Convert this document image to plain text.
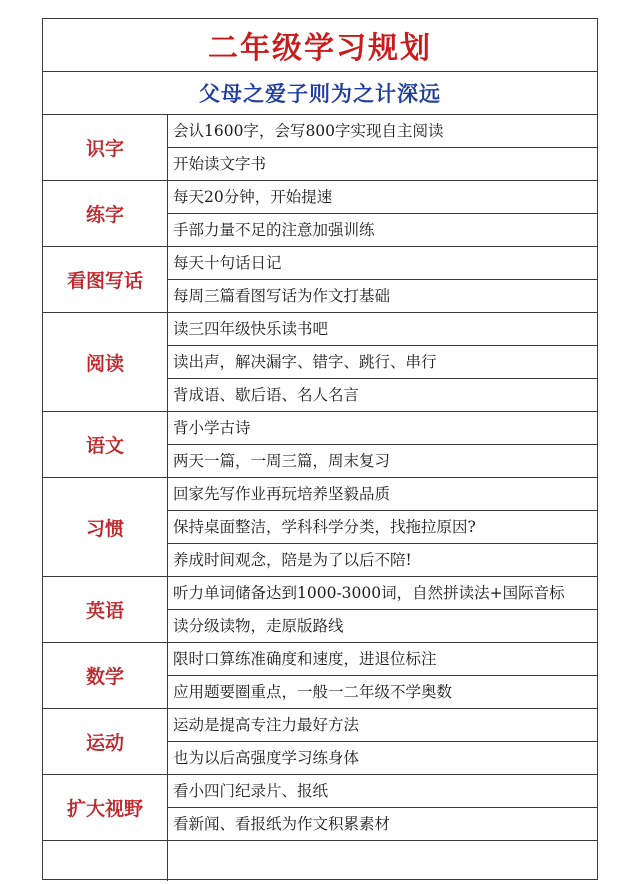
二年级学习规划
父母之爱子则为之计深远
识字
会认1600字，会写800字实现自主阅读
开始读文字书
练字
每天20分钟，开始提速
手部力量不足的注意加强训练
看图写话
每天十句话日记
每周三篇看图写话为作文打基础
阅读
读三四年级快乐读书吧
读出声，解决漏字、错字、跳行、串行
背成语、歇后语、名人名言
语文
背小学古诗
两天一篇，一周三篇，周末复习
习惯
回家先写作业再玩培养坚毅品质
保持桌面整洁，学科科学分类，找拖拉原因?
养成时间观念，陪是为了以后不陪!
英语
听力单词储备达到1000-3000词，自然拼读法+国际音标
读分级读物，走原版路线
数学
限时口算练准确度和速度，进退位标注
应用题要圈重点，一般一二年级不学奥数
运动
运动是提高专注力最好方法
也为以后高强度学习练身体
扩大视野
看小四门纪录片、报纸
看新闻、看报纸为作文积累素材
